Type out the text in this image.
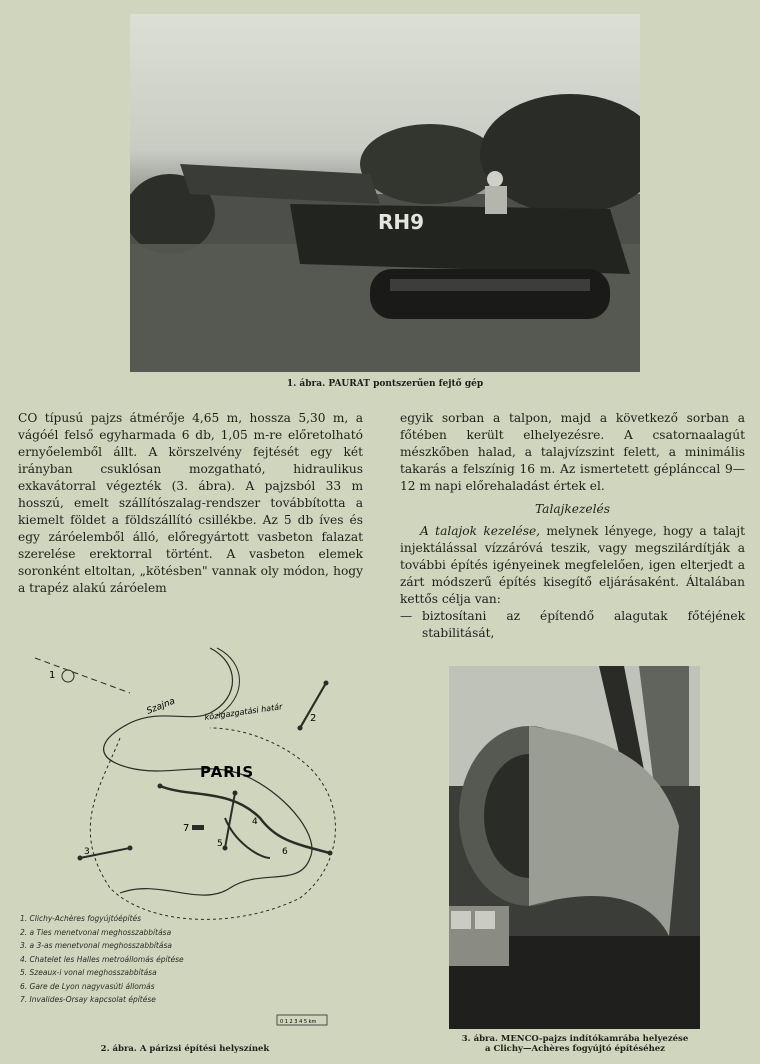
RH9
1. ábra. PAURAT pontszerűen fejtő gép

CO típusú pajzs átmérője 4,65 m, hossza 5,30 m, a vágóél felső egyharmada 6 db, 1,05 m-re előretolható ernyőelemből állt. A körszelvény fejtését egy két irányban csuklósan mozgatható, hidraulikus exkavátorral végezték (3. ábra). A pajzsból 33 m hosszú, emelt szállítószalag-rendszer továbbította a kiemelt földet a földszállító csillékbe. Az 5 db íves és egy záróelemből álló, előregyártott vasbeton falazat szerelése erektorral történt. A vasbeton elemek soronként eltoltan, „kötésben" vannak oly módon, hogy a trapéz alakú záróelem

egyik sorban a talpon, majd a következő sorban a főtében került elhelyezésre. A csatornaalagút mészkőben halad, a talajvízszint felett, a minimális takarás a felszínig 16 m. Az ismertetett géplánccal 9—12 m napi előrehaladást értek el.

Talajkezelés

A talajok kezelése, melynek lényege, hogy a talajt injektálással vízzáróvá teszik, vagy megszilárdítják a további építés igényeinek megfelelően, igen elterjedt a zárt módszerű építés kisegítő eljárásaként. Általában kettős célja van:

— biztosítani az építendő alagutak főtéjének stabilitását,
1
2
3
4
5
6
7
PARIS
Szajna	közigazgatási határ
0 1 2 3 4 5 km
1. Clichy-Achères fogyújtóépítés
2. a Ties menetvonal meghosszabbítása
3. a 3-as menetvonal meghosszabbítása
4. Chatelet les Halles metroállomás építése
5. Szeaux-i vonal meghosszabbítása
6. Gare de Lyon nagyvasúti állomás
7. Invalides-Orsay kapcsolat építése
2. ábra. A párizsi építési helyszínek
3. ábra. MENCO-pajzs indítókamrába helyezése
a Clichy—Achères fogyújtó építéséhez
